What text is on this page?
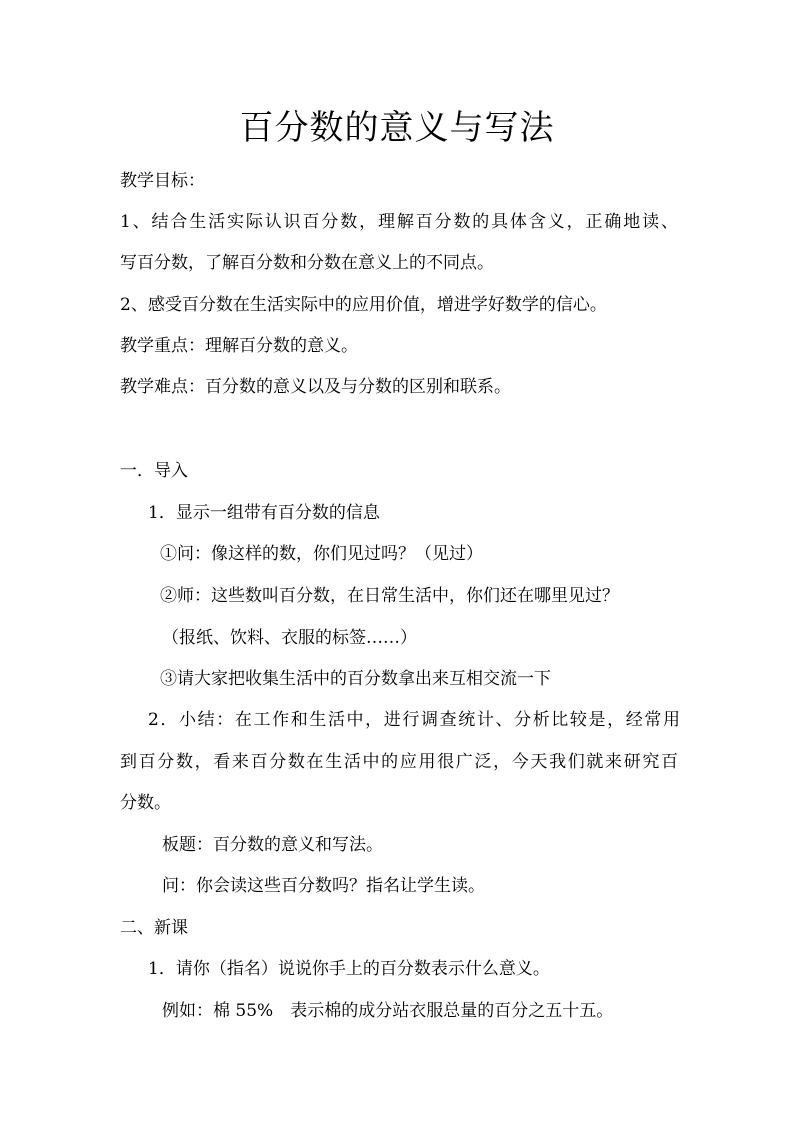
百分数的意义与写法
教学目标：
1、结合生活实际认识百分数，理解百分数的具体含义，正确地读、
写百分数，了解百分数和分数在意义上的不同点。
2、感受百分数在生活实际中的应用价值，增进学好数学的信心。
教学重点：理解百分数的意义。
教学难点：百分数的意义以及与分数的区别和联系。
一．导入
1．显示一组带有百分数的信息
①问：像这样的数，你们见过吗？（见过）
②师：这些数叫百分数，在日常生活中，你们还在哪里见过？
（报纸、饮料、衣服的标签……）
③请大家把收集生活中的百分数拿出来互相交流一下
2．小结：在工作和生活中，进行调查统计、分析比较是，经常用
到百分数，看来百分数在生活中的应用很广泛，今天我们就来研究百
分数。
板题：百分数的意义和写法。
问：你会读这些百分数吗？指名让学生读。
二、新课
1．请你（指名）说说你手上的百分数表示什么意义。
例如：棉 55%　表示棉的成分站衣服总量的百分之五十五。
